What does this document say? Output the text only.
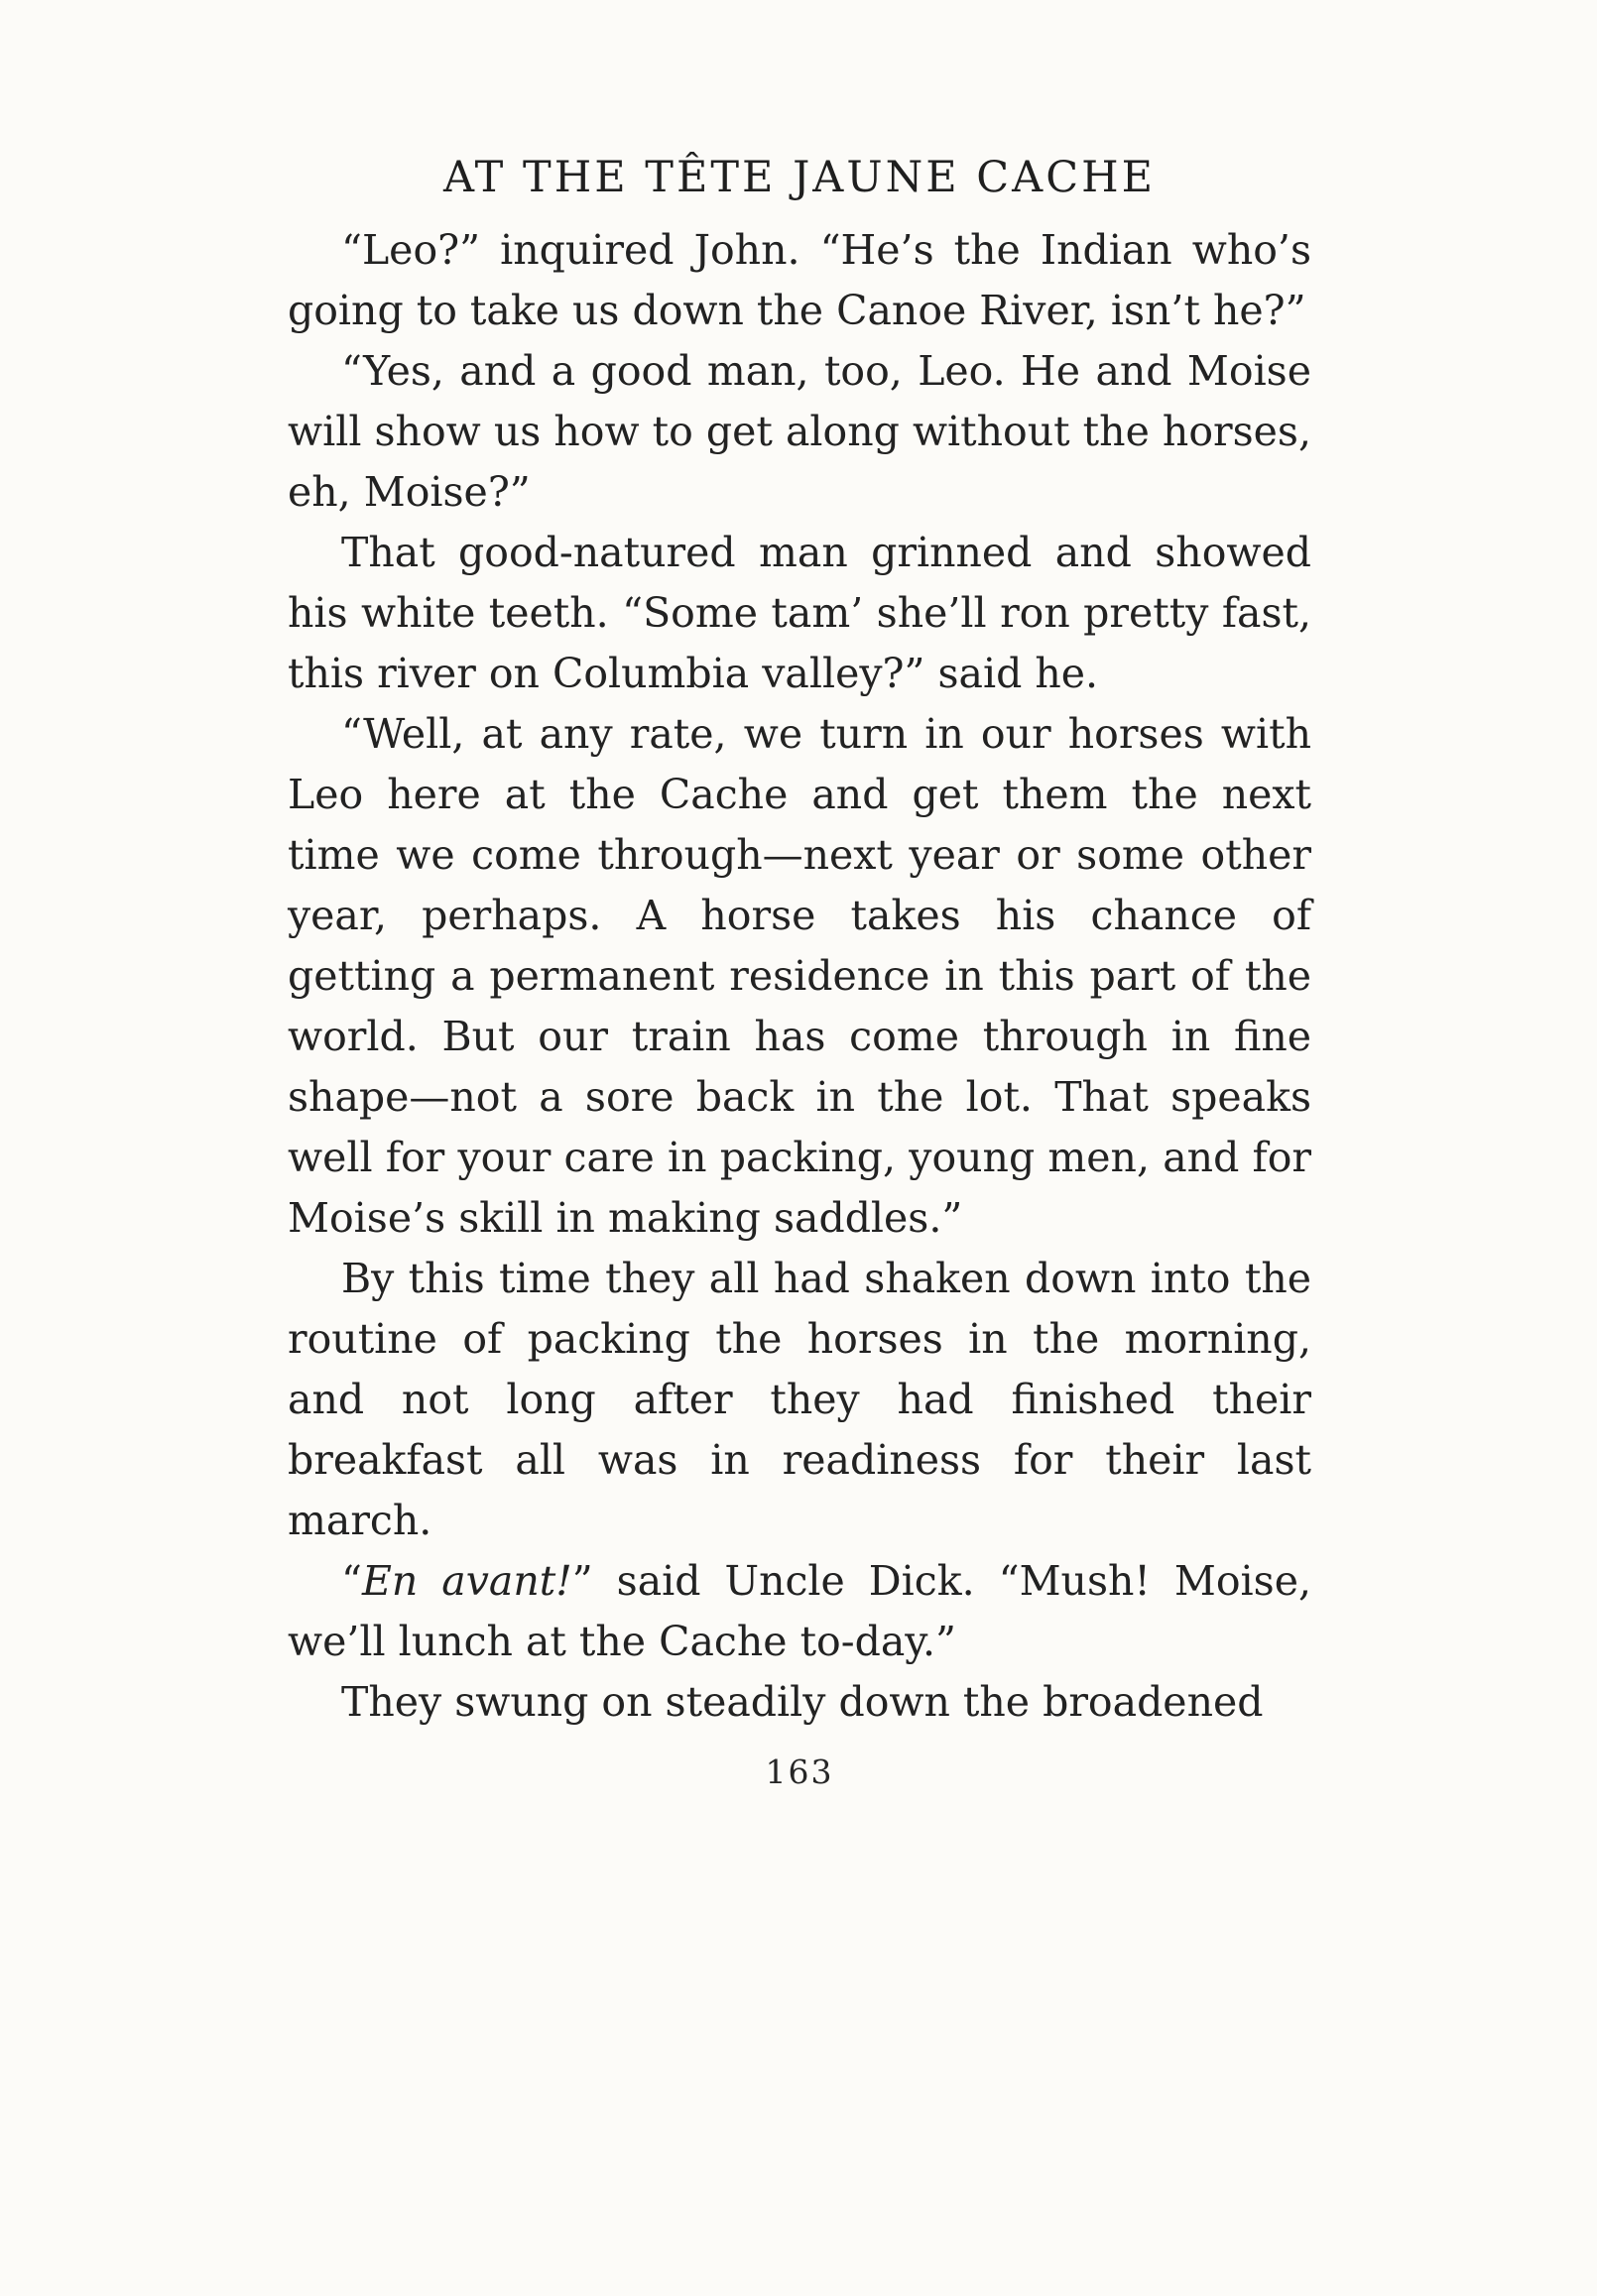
AT THE TÊTE JAUNE CACHE

“Leo?” inquired John. “He’s the Indian who’s going to take us down the Canoe River, isn’t he?”

“Yes, and a good man, too, Leo. He and Moise will show us how to get along without the horses, eh, Moise?”

That good-natured man grinned and showed his white teeth. “Some tam’ she’ll ron pretty fast, this river on Columbia valley?” said he.

“Well, at any rate, we turn in our horses with Leo here at the Cache and get them the next time we come through—next year or some other year, perhaps. A horse takes his chance of getting a permanent residence in this part of the world. But our train has come through in fine shape—not a sore back in the lot. That speaks well for your care in packing, young men, and for Moise’s skill in making saddles.”

By this time they all had shaken down into the routine of packing the horses in the morning, and not long after they had finished their breakfast all was in readiness for their last march.

“En avant!” said Uncle Dick. “Mush! Moise, we’ll lunch at the Cache to-day.”

They swung on steadily down the broadened

163
